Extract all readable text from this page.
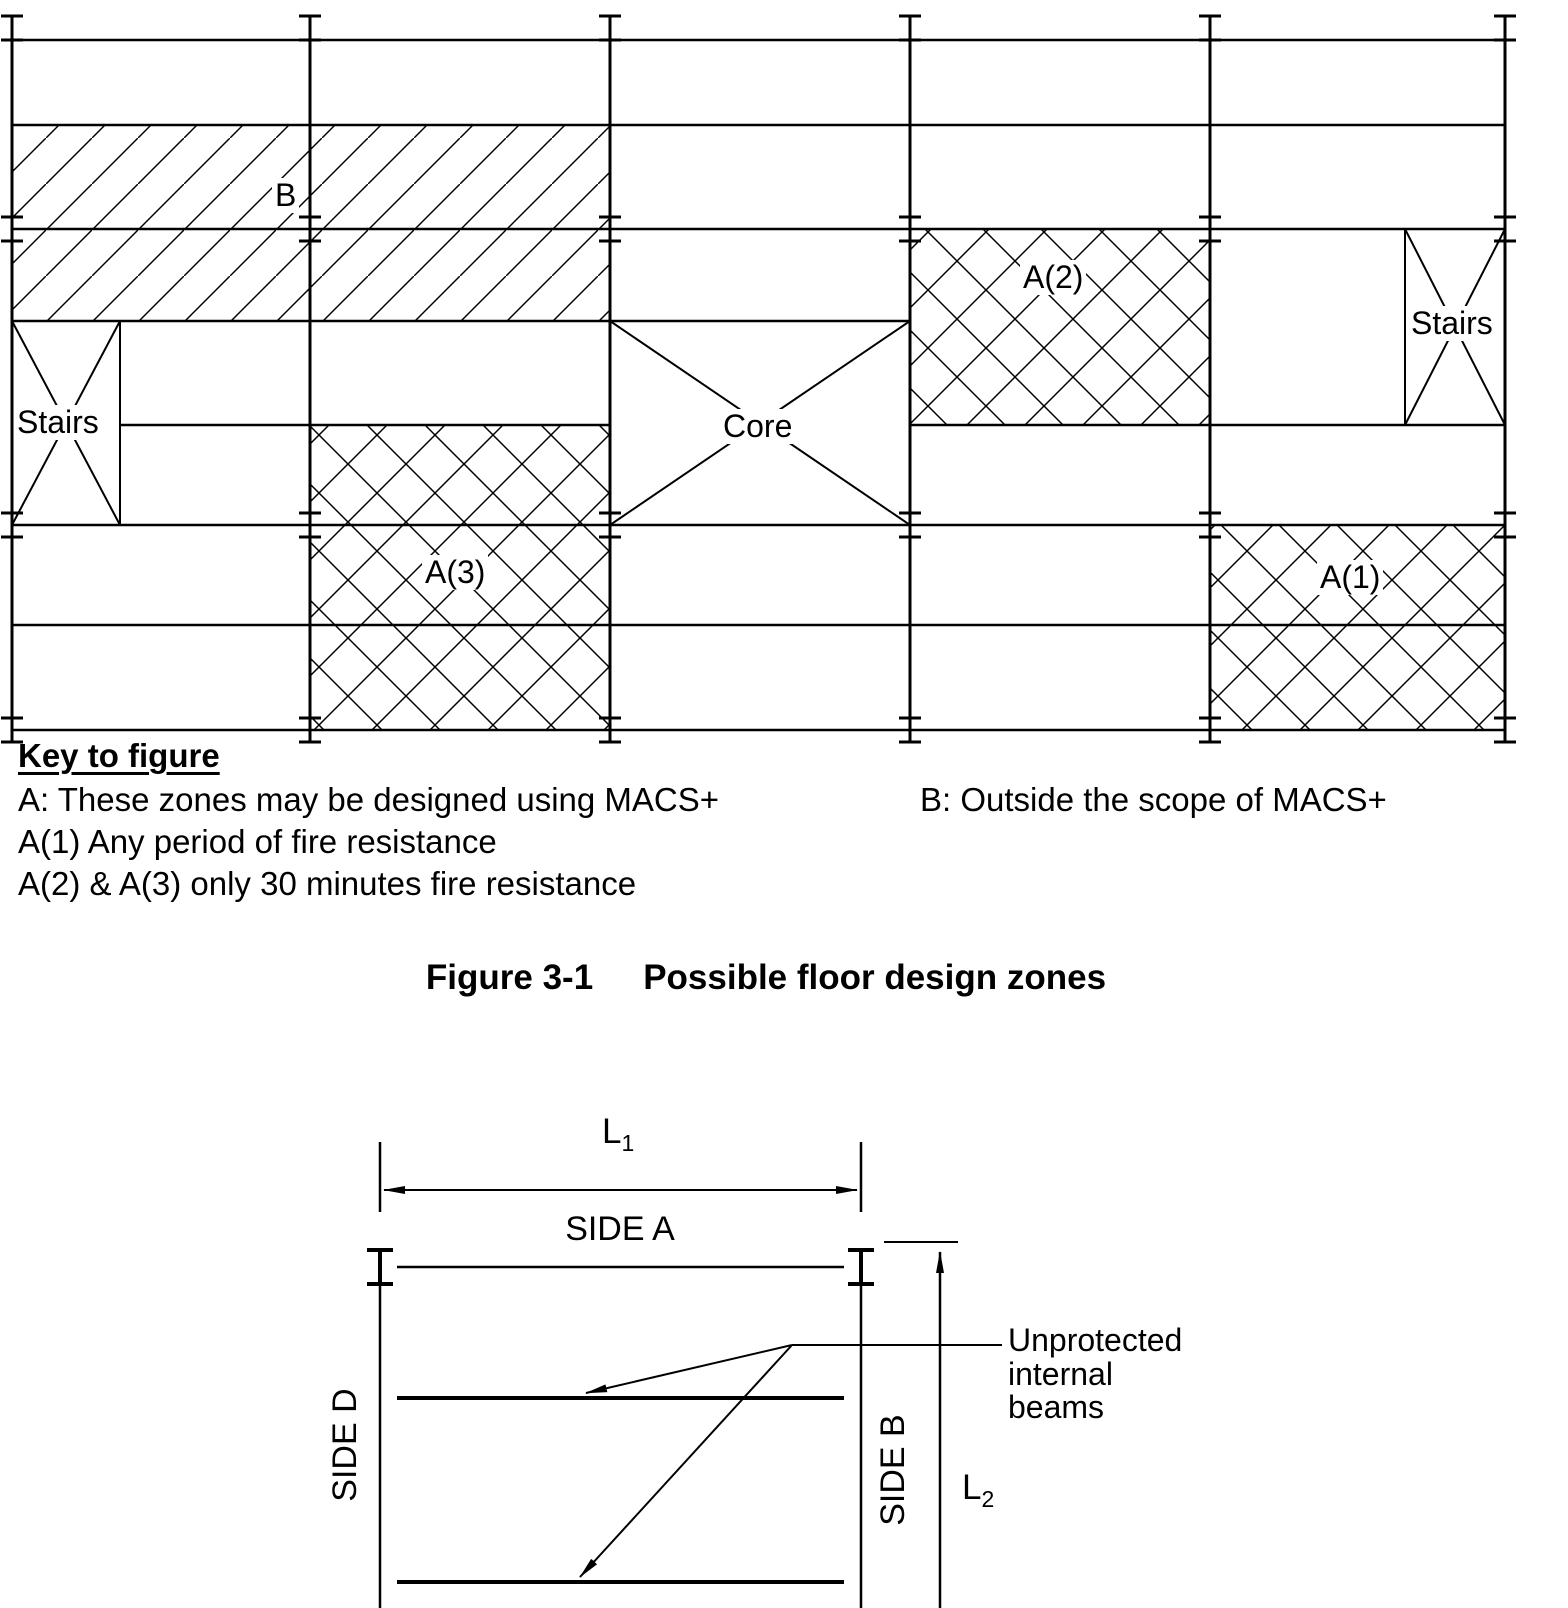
B
A(2)
Stairs
Stairs	Core
A(3)	A(1)
Key to figure
A: These zones may be designed using MACS+	B: Outside the scope of MACS+
A(1) Any period of fire resistance
A(2) & A(3) only 30 minutes fire resistance
Figure 3-1 Possible floor design zones
$L_1$
SIDE A
SIDE D	SIDE B $L_2$
Unprotected
internal
beams
